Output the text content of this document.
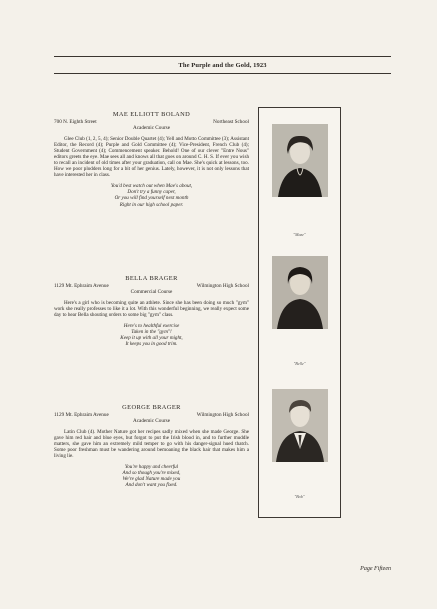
The Purple and the Gold, 1923
MAE ELLIOTT BOLAND
700 N. Eighth Street	Northeast School
Academic Course
Glee Club (1, 2, 5, 4); Senior Double Quartet (4); Yell and Motto Committee (3); Assistant Editor, the Record (4); Purple and Gold Committee (4); Vice-President, French Club (4); Student Government (4); Commencement speaker. Behold! One of our clever "Entre Nous" editors greets the eye. Mae sees all and knows all that goes on around C. H. S. If ever you wish to recall an incident of old times after your graduation, call on Mae. She's quick at lessons, too. How we poor plodders long for a bit of her genius. Lately, however, it is not only lessons that have interested her in class.
You'd best watch out when Mae's about,
Don't try a funny caper,
Or you will find yourself next month
Right in our high school paper.
BELLA BRAGER
1129 Mt. Ephraim Avenue	Wilmington High School
Commercial Course
Here's a girl who is becoming quite an athlete. Since she has been doing so much "gym" work she really professes to like it a lot. With this wonderful beginning, we really expect some day to hear Bella shouting orders to some big "gym" class.
Here's to healthful exercise
Taken in the "gym"!
Keep it up with all your might,
It keeps you in good trim.
GEORGE BRAGER
1129 Mt. Ephraim Avenue	Wilmington High School
Academic Course
Latin Club (4). Mother Nature got her recipes sadly mixed when she made George. She gave him red hair and blue eyes, but forgot to put the Irish blood in, and to further muddle matters, she gave him an extremely mild temper to go with his danger-signal hued thatch. Some poor freshman must be wandering around bemoaning the black hair that makes him a living lie.
You're happy and cheerful
And so though you're mixed,
We're glad Nature made you
And don't want you fixed.
"Maze"
"Belle"
"Bob"
Page Fifteen
